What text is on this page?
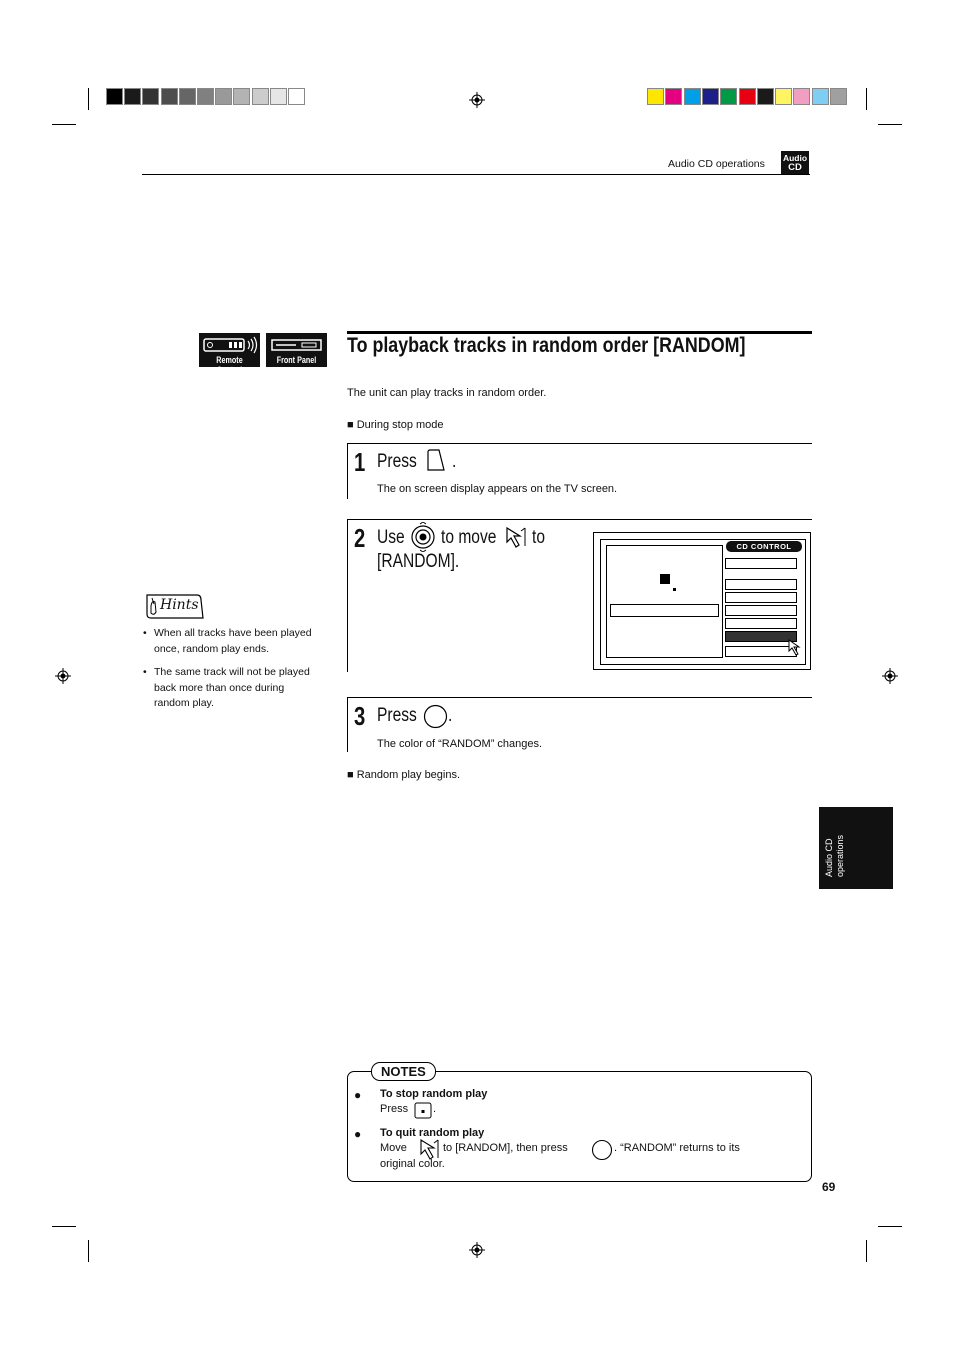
Audio CD operations Audio
CD
Remote Control
Front Panel
To playback tracks in random order [RANDOM]
The unit can play tracks in random order.
■ During stop mode
1 Press .
The on screen display appears on the TV screen.
2 Use to move to
[RANDOM].
CD CONTROL
3 Press .
The color of “RANDOM” changes.
■ Random play begins.
Hints
• When all tracks have been played
once, random play ends.
• The same track will not be played
back more than once during
random play.
Audio CD operations
NOTES
● To stop random play
Press .
● To quit random play
Move	to [RANDOM], then press	. “RANDOM” returns to its
original color.
69
